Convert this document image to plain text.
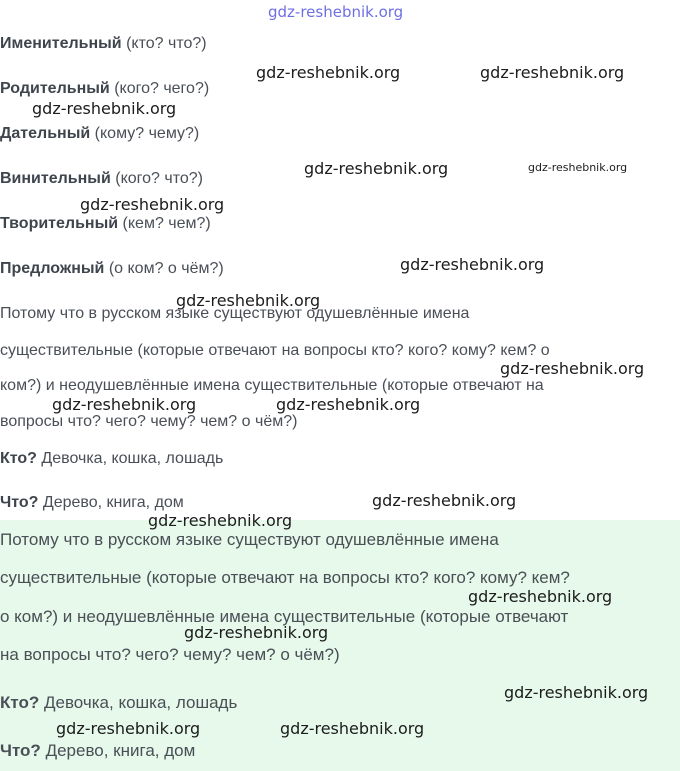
Именительный (кто? что?)
Родительный (кого? чего?)
Дательный (кому? чему?)
Винительный (кого? что?)
Творительный (кем? чем?)
Предложный (о ком? о чём?)
Потому что в русском языке существуют одушевлённые имена
существительные (которые отвечают на вопросы кто? кого? кому? кем? о
ком?) и неодушевлённые имена существительные (которые отвечают на
вопросы что? чего? чему? чем? о чём?)
Кто? Девочка, кошка, лошадь
Что? Дерево, книга, дом
Потому что в русском языке существуют одушевлённые имена
существительные (которые отвечают на вопросы кто? кого? кому? кем?
о ком?) и неодушевлённые имена существительные (которые отвечают
на вопросы что? чего? чему? чем? о чём?)
Кто? Девочка, кошка, лошадь
Что? Дерево, книга, дом
gdz-reshebnik.org
gdz-reshebnik.org	gdz-reshebnik.org
gdz-reshebnik.org
gdz-reshebnik.org	gdz-reshebnik.org
gdz-reshebnik.org
gdz-reshebnik.org
gdz-reshebnik.org
gdz-reshebnik.org
gdz-reshebnik.org	gdz-reshebnik.org
gdz-reshebnik.org
gdz-reshebnik.org
gdz-reshebnik.org
gdz-reshebnik.org
gdz-reshebnik.org
gdz-reshebnik.org	gdz-reshebnik.org
